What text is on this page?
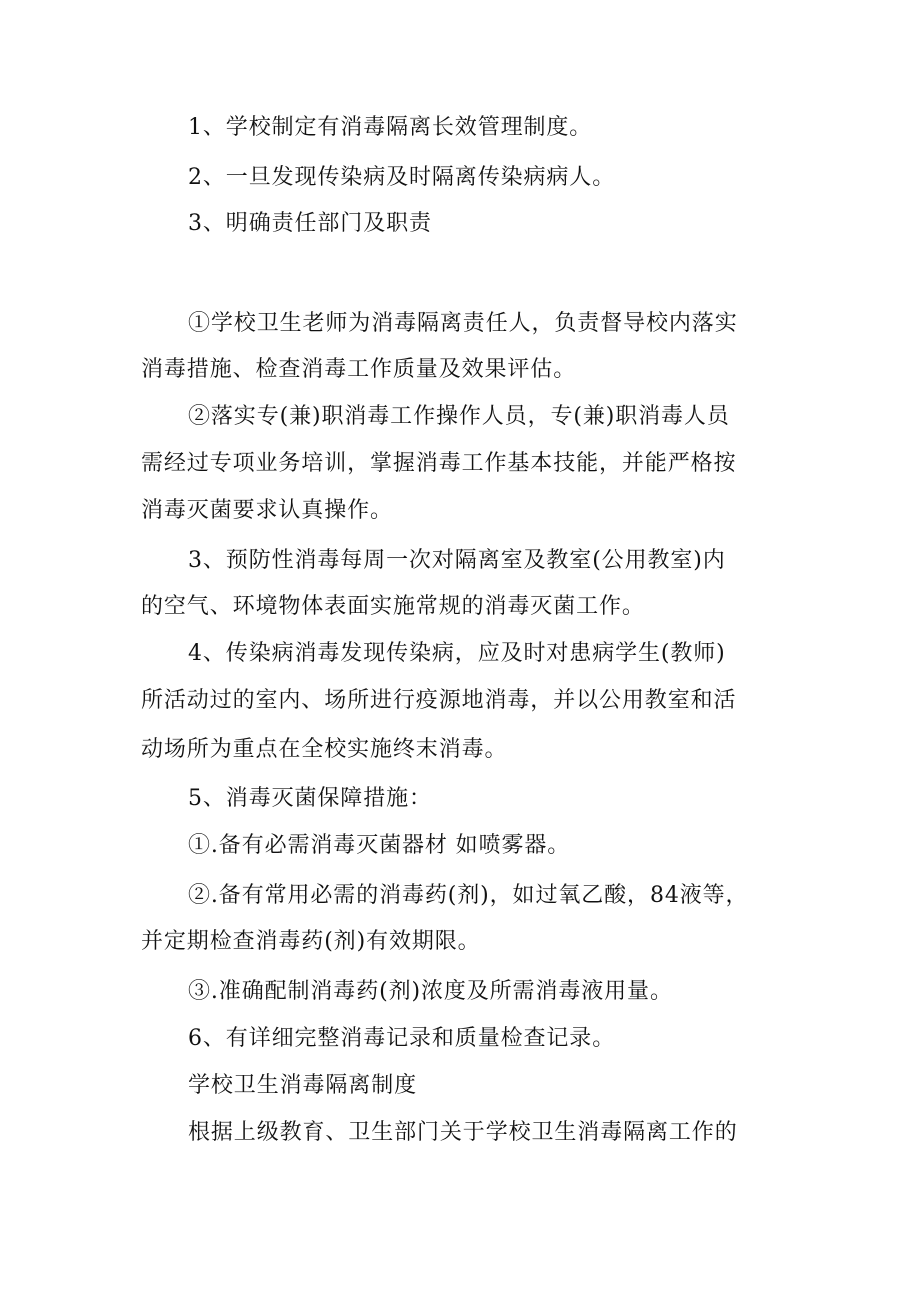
1、学校制定有消毒隔离长效管理制度。
2、一旦发现传染病及时隔离传染病病人。
3、明确责任部门及职责
①学校卫生老师为消毒隔离责任人，负责督导校内落实
消毒措施、检查消毒工作质量及效果评估。
②落实专(兼)职消毒工作操作人员，专(兼)职消毒人员
需经过专项业务培训，掌握消毒工作基本技能，并能严格按
消毒灭菌要求认真操作。
3、预防性消毒每周一次对隔离室及教室(公用教室)内
的空气、环境物体表面实施常规的消毒灭菌工作。
4、传染病消毒发现传染病，应及时对患病学生(教师)
所活动过的室内、场所进行疫源地消毒，并以公用教室和活
动场所为重点在全校实施终末消毒。
5、消毒灭菌保障措施：
①.备有必需消毒灭菌器材 如喷雾器。
②.备有常用必需的消毒药(剂)，如过氧乙酸，84液等，
并定期检查消毒药(剂)有效期限。
③.准确配制消毒药(剂)浓度及所需消毒液用量。
6、有详细完整消毒记录和质量检查记录。
学校卫生消毒隔离制度
根据上级教育、卫生部门关于学校卫生消毒隔离工作的
